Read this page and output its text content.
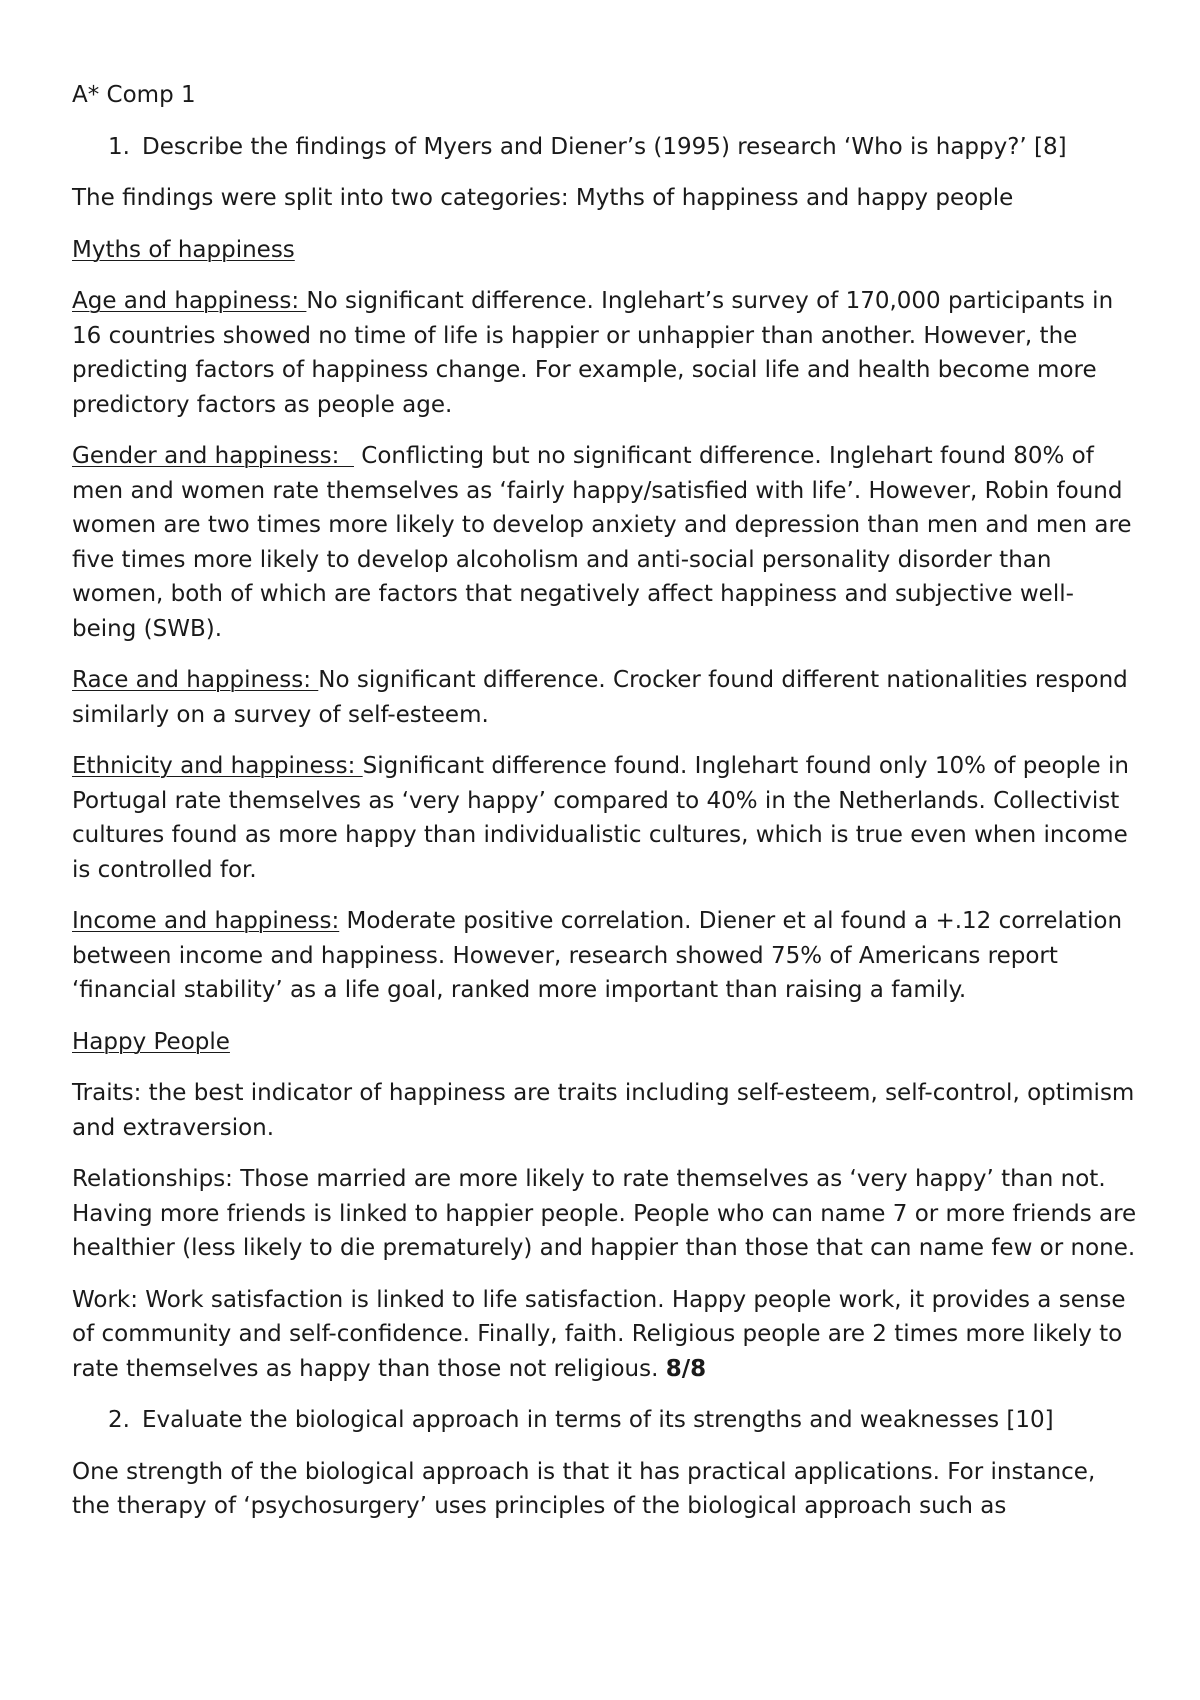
A* Comp 1

1. Describe the findings of Myers and Diener’s (1995) research ‘Who is happy?’ [8]

The findings were split into two categories: Myths of happiness and happy people

Myths of happiness

Age and happiness: No significant difference. Inglehart’s survey of 170,000 participants in 16 countries showed no time of life is happier or unhappier than another. However, the predicting factors of happiness change. For example, social life and health become more predictory factors as people age.

Gender and happiness:   Conflicting but no significant difference. Inglehart found 80% of men and women rate themselves as ‘fairly happy/satisfied with life’. However, Robin found women are two times more likely to develop anxiety and depression than men and men are five times more likely to develop alcoholism and anti-social personality disorder than women, both of which are factors that negatively affect happiness and subjective well-being (SWB).

Race and happiness: No significant difference. Crocker found different nationalities respond similarly on a survey of self-esteem.

Ethnicity and happiness: Significant difference found. Inglehart found only 10% of people in Portugal rate themselves as ‘very happy’ compared to 40% in the Netherlands. Collectivist cultures found as more happy than individualistic cultures, which is true even when income is controlled for.

Income and happiness: Moderate positive correlation. Diener et al found a +.12 correlation between income and happiness. However, research showed 75% of Americans report ‘financial stability’ as a life goal, ranked more important than raising a family.

Happy People

Traits: the best indicator of happiness are traits including self-esteem, self-control, optimism and extraversion.

Relationships: Those married are more likely to rate themselves as ‘very happy’ than not. Having more friends is linked to happier people. People who can name 7 or more friends are healthier (less likely to die prematurely) and happier than those that can name few or none.

Work: Work satisfaction is linked to life satisfaction. Happy people work, it provides a sense of community and self-confidence. Finally, faith. Religious people are 2 times more likely to rate themselves as happy than those not religious. 8/8

2. Evaluate the biological approach in terms of its strengths and weaknesses [10]

One strength of the biological approach is that it has practical applications. For instance, the therapy of ‘psychosurgery’ uses principles of the biological approach such as
